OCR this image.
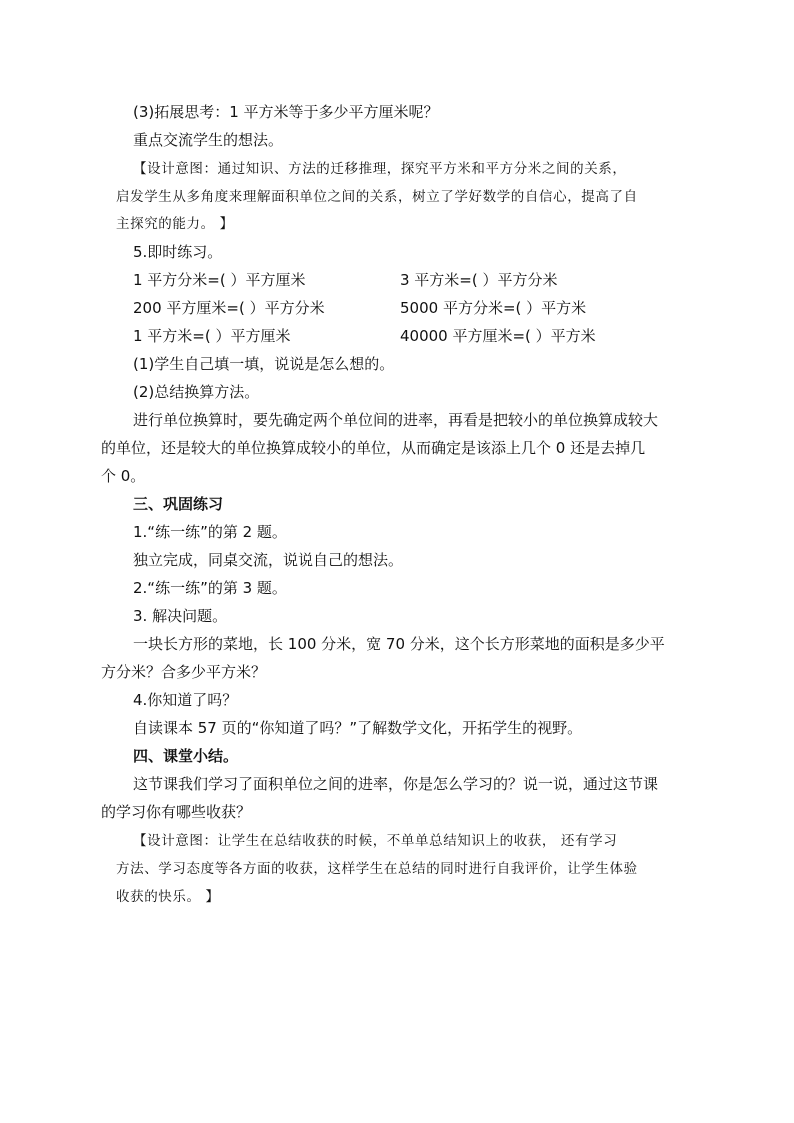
(3)拓展思考：1 平方米等于多少平方厘米呢？
重点交流学生的想法。
【设计意图：通过知识、方法的迁移推理，探究平方米和平方分米之间的关系，
启发学生从多角度来理解面积单位之间的关系，树立了学好数学的自信心，提高了自
主探究的能力。 】
5.即时练习。
1 平方分米=( ）平方厘米	3 平方米=( ）平方分米
200 平方厘米=( ）平方分米	5000 平方分米=( ）平方米
1 平方米=( ）平方厘米	40000 平方厘米=( ）平方米
(1)学生自己填一填，说说是怎么想的。
(2)总结换算方法。
进行单位换算时，要先确定两个单位间的进率，再看是把较小的单位换算成较大
的单位，还是较大的单位换算成较小的单位，从而确定是该添上几个 0 还是去掉几
个 0。
三、巩固练习
1.“练一练”的第 2 题。
独立完成，同桌交流，说说自己的想法。
2.“练一练”的第 3 题。
3. 解决问题。
一块长方形的菜地，长 100 分米，宽 70 分米，这个长方形菜地的面积是多少平
方分米？合多少平方米？
4.你知道了吗？
自读课本 57 页的“你知道了吗？”了解数学文化，开拓学生的视野。
四、课堂小结。
这节课我们学习了面积单位之间的进率，你是怎么学习的？说一说，通过这节课
的学习你有哪些收获？
【设计意图：让学生在总结收获的时候，不单单总结知识上的收获， 还有学习
方法、学习态度等各方面的收获，这样学生在总结的同时进行自我评价，让学生体验
收获的快乐。 】
